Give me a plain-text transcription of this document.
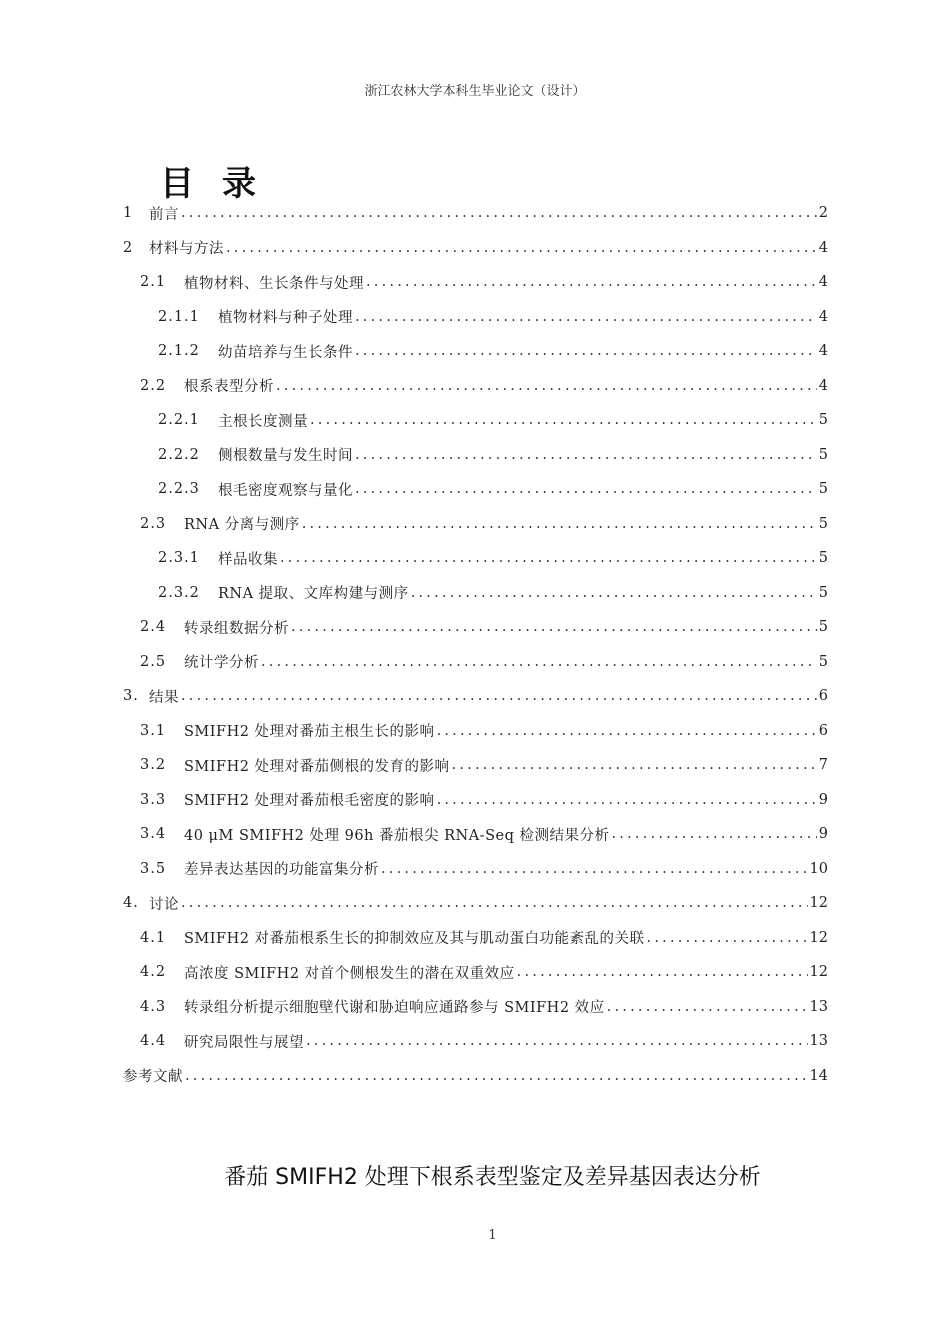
浙江农林大学本科生毕业论文（设计）
目录
1	前言 .....	2
2	材料与方法 .....	4
2.1	植物材料、生长条件与处理 .....	4
2.1.1	植物材料与种子处理 .....	4
2.1.2	幼苗培养与生长条件 .....	4
2.2	根系表型分析 .....	4
2.2.1	主根长度测量 .....	5
2.2.2	侧根数量与发生时间 .....	5
2.2.3	根毛密度观察与量化 .....	5
2.3	RNA 分离与测序 .....	5
2.3.1	样品收集 .....	5
2.3.2	RNA 提取、文库构建与测序 .....	5
2.4	转录组数据分析 .....	5
2.5	统计学分析 .....	5
3. 结果 .....	6
3.1	SMIFH2 处理对番茄主根生长的影响 .....	6
3.2	SMIFH2 处理对番茄侧根的发育的影响 .....	7
3.3	SMIFH2 处理对番茄根毛密度的影响 .....	9
3.4	40 μM SMIFH2 处理 96h 番茄根尖 RNA-Seq 检测结果分析 .....	9
3.5	差异表达基因的功能富集分析 .....	10
4. 讨论 .....	12
4.1	SMIFH2 对番茄根系生长的抑制效应及其与肌动蛋白功能紊乱的关联 .....	12
4.2	高浓度 SMIFH2 对首个侧根发生的潜在双重效应 .....	12
4.3	转录组分析提示细胞壁代谢和胁迫响应通路参与 SMIFH2 效应 .....	13
4.4	研究局限性与展望 .....	13
参考文献 .....	14
番茄 SMIFH2 处理下根系表型鉴定及差异基因表达分析
1
